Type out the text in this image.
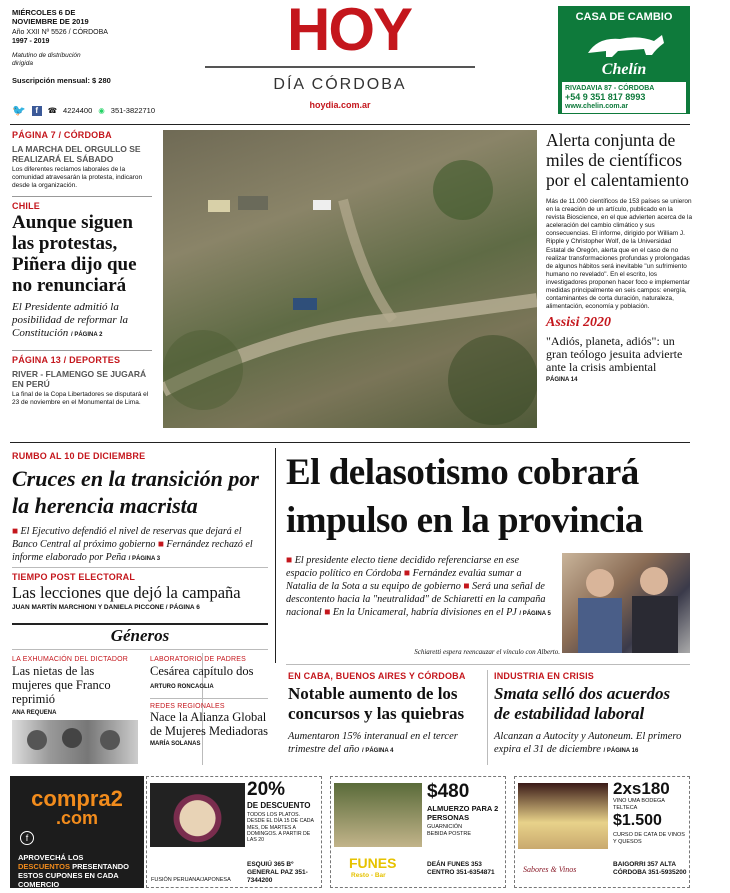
MIÉRCOLES 6 DE NOVIEMBRE DE 2019
Año XXII Nº 5526 / CÓRDOBA
1997 - 2019
Matutino de distribución dirigida
Suscripción mensual: $ 280
🐦	f	☎ 4224400 ◉ 351-3822710
HOY
DÍA CÓRDOBA
hoydia.com.ar
CASA DE CAMBIO
Chelín
RIVADAVIA 87 - CÓRDOBA
+54 9 351 817 8993
www.chelin.com.ar
PÁGINA 7 / CÓRDOBA
LA MARCHA DEL ORGULLO SE REALIZARÁ EL SÁBADO
Los diferentes reclamos laborales de la comunidad atravesarán la protesta, indicaron desde la organización.
CHILE
Aunque siguen las protestas, Piñera dijo que no renunciará
El Presidente admitió la posibilidad de reformar la Constitución / PÁGINA 2
PÁGINA 13 / DEPORTES
RIVER - FLAMENGO SE JUGARÁ EN PERÚ
La final de la Copa Libertadores se disputará el 23 de noviembre en el Monumental de Lima.
Alerta conjunta de miles de científicos por el calentamiento
Más de 11.000 científicos de 153 países se unieron en la creación de un artículo, publicado en la revista Bioscience, en el que advierten acerca de la aceleración del cambio climático y sus consecuencias. El informe, dirigido por William J. Ripple y Christopher Wolf, de la Universidad Estatal de Oregón, alerta que en el caso de no realizar transformaciones profundas y prolongadas de algunos hábitos será inevitable "un sufrimiento humano no revelado". En el escrito, los investigadores proponen hacer foco e implementar medidas principalmente en seis campos: energía, contaminantes de corta duración, naturaleza, alimentación, economía y población.
Assisi 2020
"Adiós, planeta, adiós": un gran teólogo jesuita advierte ante la crisis ambiental
PÁGINA 14
RUMBO AL 10 DE DICIEMBRE
Cruces en la transición por la herencia macrista
■ El Ejecutivo defendió el nivel de reservas que dejará el Banco Central al próximo gobierno ■ Fernández rechazó el informe elaborado por Peña / PÁGINA 3
TIEMPO POST ELECTORAL
Las lecciones que dejó la campaña
JUAN MARTÍN MARCHIONI Y DANIELA PICCONE / PÁGINA 6
Géneros
LA EXHUMACIÓN DEL DICTADOR
Las nietas de las mujeres que Franco reprimió
ANA REQUENA
LABORATORIO DE PADRES
Cesárea capítulo dos
ARTURO RONCAGLIA
REDES REGIONALES
Nace la Alianza Global de Mujeres Mediadoras
MARÍA SOLANAS
El delasotismo cobrará impulso en la provincia
■ El presidente electo tiene decidido referenciarse en ese espacio político en Córdoba ■ Fernández evalúa sumar a Natalia de la Sota a su equipo de gobierno ■ Será una señal de descontento hacia la "neutralidad" de Schiaretti en la campaña nacional ■ En la Unicameral, habría divisiones en el PJ / PÁGINA 5
Schiaretti espera reencauzar el vínculo con Alberto.
EN CABA, BUENOS AIRES Y CÓRDOBA
Notable aumento de los concursos y las quiebras
Aumentaron 15% interanual en el tercer trimestre del año / PÁGINA 4
INDUSTRIA EN CRISIS
Smata selló dos acuerdos de estabilidad laboral
Alcanzan a Autocity y Autoneum. El primero expira el 31 de diciembre / PÁGINA 16
compra2
.com
f
APROVECHÁ LOS DESCUENTOS PRESENTANDO ESTOS CUPONES EN CADA COMERCIO
20%
DE DESCUENTO
TODOS LOS PLATOS. DESDE EL DÍA 15 DE CADA MES, DE MARTES A DOMINGOS. A PARTIR DE LAS 20
ESQUIÚ 365 Bº GENERAL PAZ 351-7344200
FUSIÓN PERUANA/JAPONESA
$480
ALMUERZO PARA 2 PERSONAS
GUARNICIÓN BEBIDA POSTRE
FUNES
Resto - Bar
DEÁN FUNES 353 CENTRO 351-6354871
2xs180
VINO UMA BODEGA TELTECA
$1.500
CURSO DE CATA DE VINOS Y QUESOS
Sabores & Vinos
BAIGORRI 357 ALTA CÓRDOBA 351-5935200
